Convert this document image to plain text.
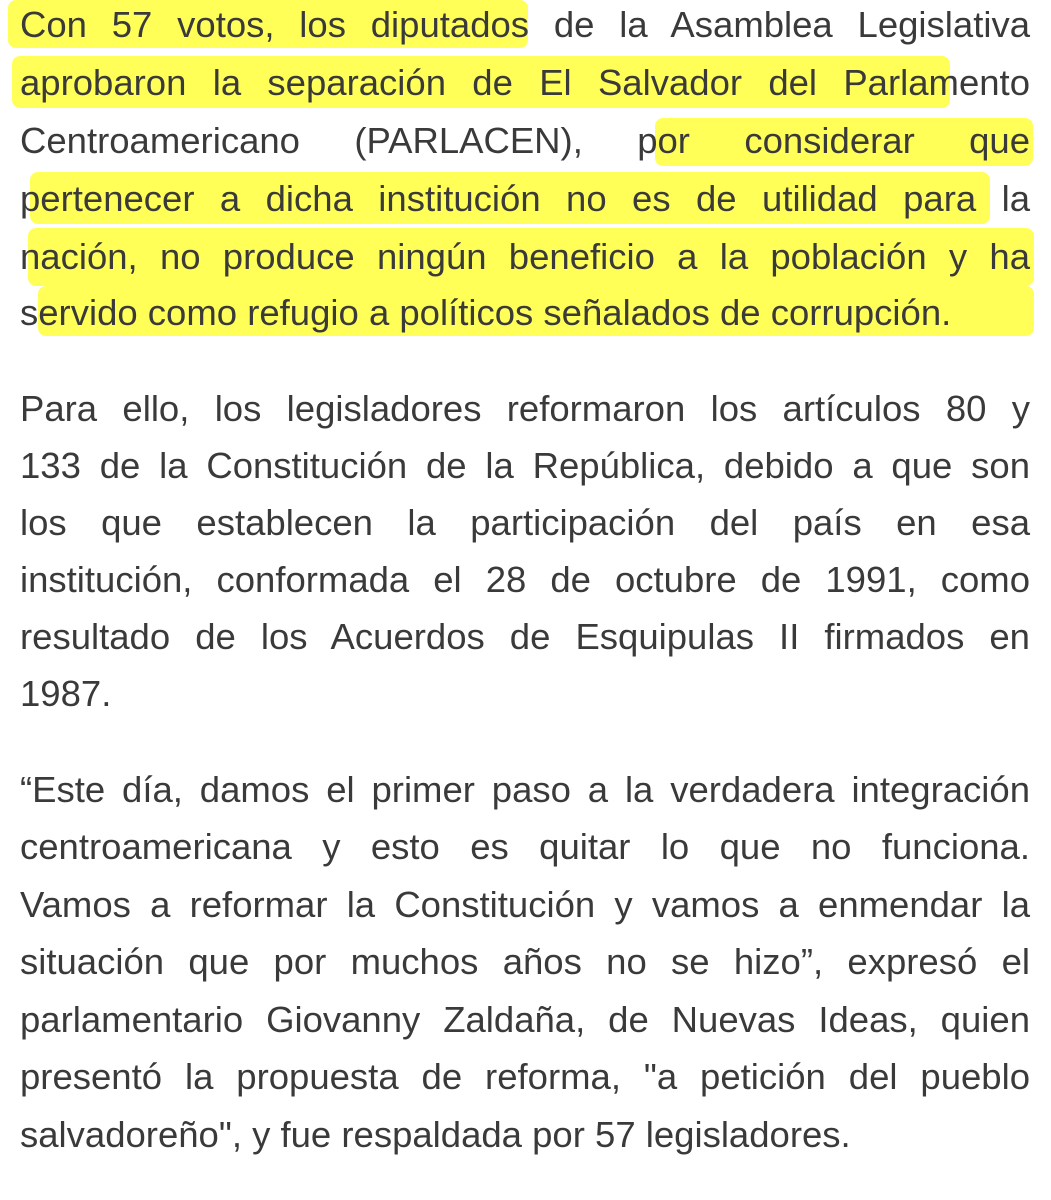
Con 57 votos, los diputados de la Asamblea Legislativa
aprobaron la separación de El Salvador del Parlamento
Centroamericano (PARLACEN), por considerar que
pertenecer a dicha institución no es de utilidad para la
nación, no produce ningún beneficio a la población y ha
servido como refugio a políticos señalados de corrupción.
Para ello, los legisladores reformaron los artículos 80 y
133 de la Constitución de la República, debido a que son
los que establecen la participación del país en esa
institución, conformada el 28 de octubre de 1991, como
resultado de los Acuerdos de Esquipulas II firmados en
1987.
“Este día, damos el primer paso a la verdadera integración
centroamericana y esto es quitar lo que no funciona.
Vamos a reformar la Constitución y vamos a enmendar la
situación que por muchos años no se hizo”, expresó el
parlamentario Giovanny Zaldaña, de Nuevas Ideas, quien
presentó la propuesta de reforma, "a petición del pueblo
salvadoreño", y fue respaldada por 57 legisladores.
